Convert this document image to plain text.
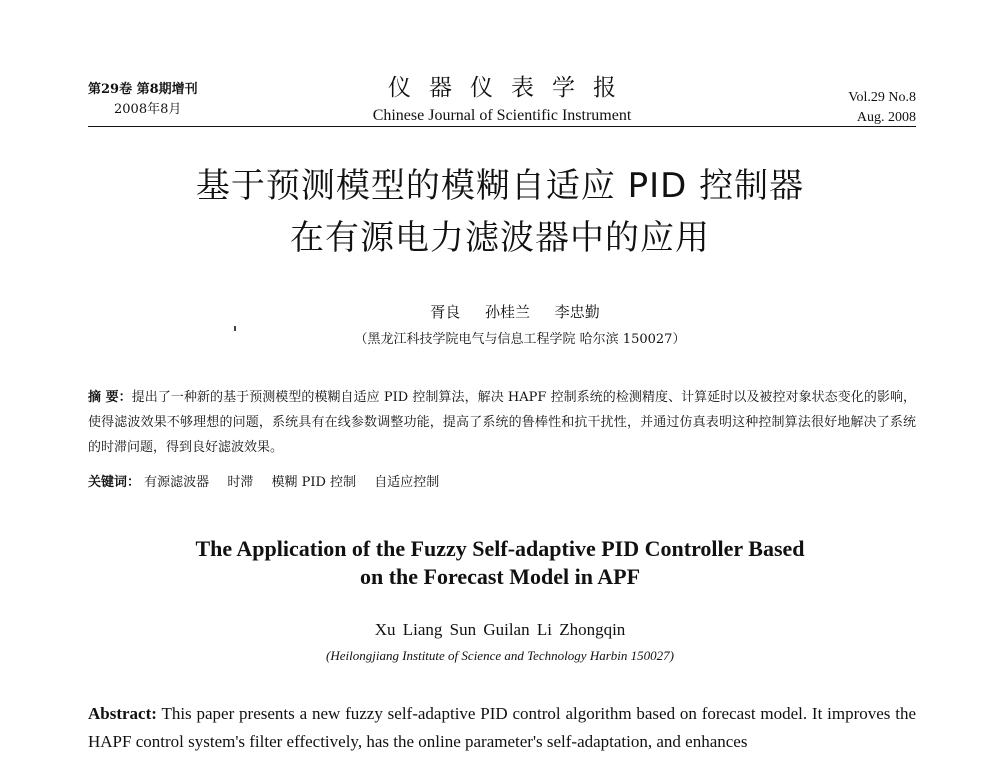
第29卷 第8期增刊
2008年8月
仪器仪表学报
Chinese Journal of Scientific Instrument
Vol.29 No.8
Aug. 2008
基于预测模型的模糊自适应 PID 控制器
在有源电力滤波器中的应用
胥良 孙桂兰 李忠勤
（黑龙江科技学院电气与信息工程学院 哈尔滨 150027）
摘 要：提出了一种新的基于预测模型的模糊自适应 PID 控制算法，解决 HAPF 控制系统的检测精度、计算延时以及被控对象状态变化的影响，使得滤波效果不够理想的问题，系统具有在线参数调整功能，提高了系统的鲁棒性和抗干扰性，并通过仿真表明这种控制算法很好地解决了系统的时滞问题，得到良好滤波效果。
关键词： 有源滤波器 时滞 模糊 PID 控制 自适应控制
The Application of the Fuzzy Self-adaptive PID Controller Based
on the Forecast Model in APF
Xu Liang Sun Guilan Li Zhongqin
(Heilongjiang Institute of Science and Technology Harbin 150027)
Abstract: This paper presents a new fuzzy self-adaptive PID control algorithm based on forecast model. It improves the HAPF control system's filter effectively, has the online parameter's self-adaptation, and enhances
